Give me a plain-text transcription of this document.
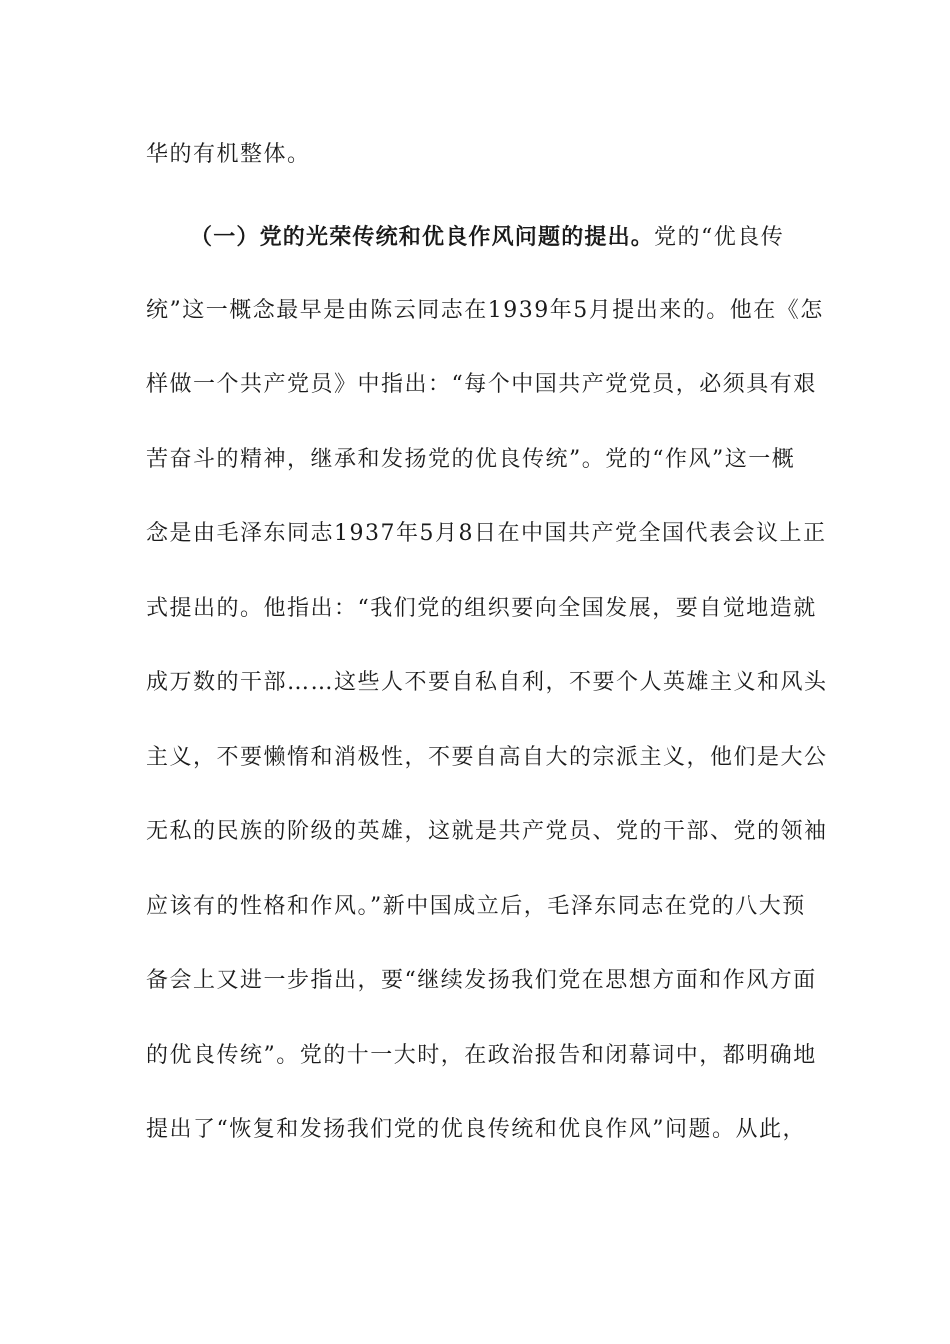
华的有机整体。
（一）党的光荣传统和优良作风问题的提出。党的“优良传
统”这一概念最早是由陈云同志在1939年5月提出来的。他在《怎
样做一个共产党员》中指出：“每个中国共产党党员，必须具有艰
苦奋斗的精神，继承和发扬党的优良传统”。党的“作风”这一概
念是由毛泽东同志1937年5月8日在中国共产党全国代表会议上正
式提出的。他指出：“我们党的组织要向全国发展，要自觉地造就
成万数的干部……这些人不要自私自利，不要个人英雄主义和风头
主义，不要懒惰和消极性，不要自高自大的宗派主义，他们是大公
无私的民族的阶级的英雄，这就是共产党员、党的干部、党的领袖
应该有的性格和作风。”新中国成立后，毛泽东同志在党的八大预
备会上又进一步指出，要“继续发扬我们党在思想方面和作风方面
的优良传统”。党的十一大时，在政治报告和闭幕词中，都明确地
提出了“恢复和发扬我们党的优良传统和优良作风”问题。从此，
